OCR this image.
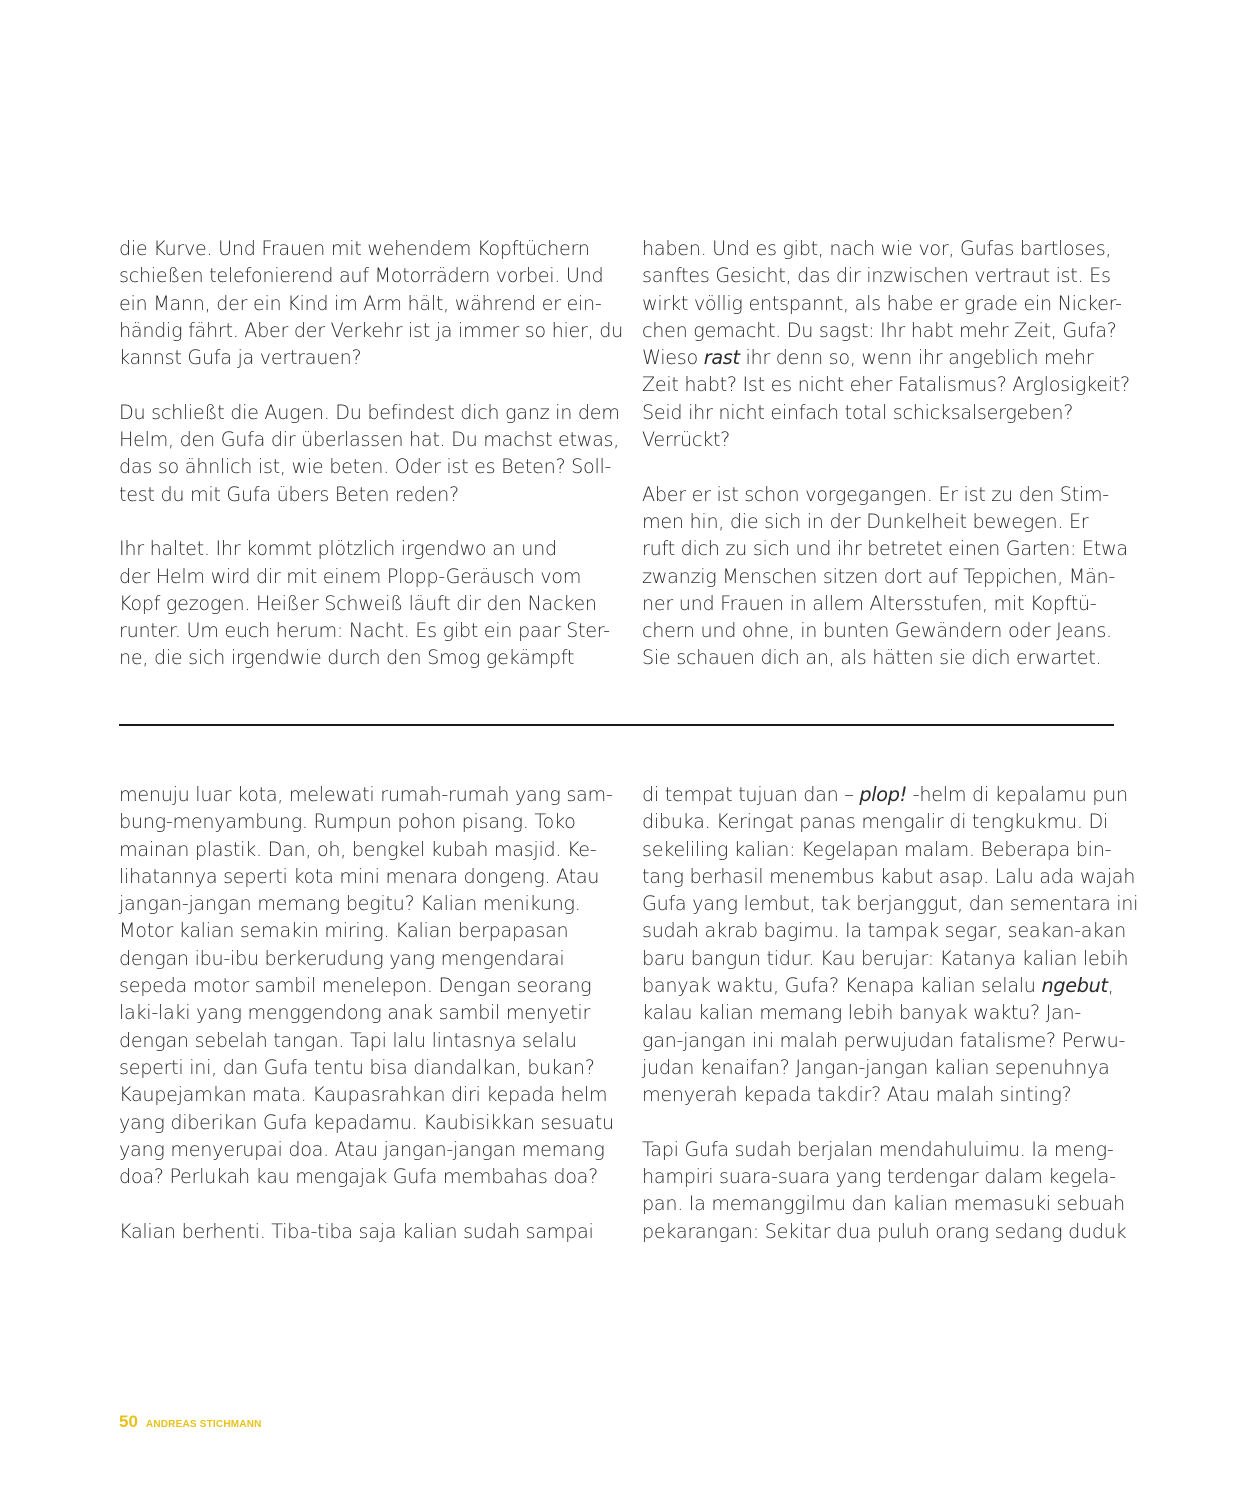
die Kurve. Und Frauen mit wehendem Kopftüchern
schießen telefonierend auf Motorrädern vorbei. Und
ein Mann, der ein Kind im Arm hält, während er ein-
händig fährt. Aber der Verkehr ist ja immer so hier, du
kannst Gufa ja vertrauen?

Du schließt die Augen. Du befindest dich ganz in dem
Helm, den Gufa dir überlassen hat. Du machst etwas,
das so ähnlich ist, wie beten. Oder ist es Beten? Soll-
test du mit Gufa übers Beten reden?

Ihr haltet. Ihr kommt plötzlich irgendwo an und
der Helm wird dir mit einem Plopp-Geräusch vom
Kopf gezogen. Heißer Schweiß läuft dir den Nacken
runter. Um euch herum: Nacht. Es gibt ein paar Ster-
ne, die sich irgendwie durch den Smog gekämpft

haben. Und es gibt, nach wie vor, Gufas bartloses,
sanftes Gesicht, das dir inzwischen vertraut ist. Es
wirkt völlig entspannt, als habe er grade ein Nicker-
chen gemacht. Du sagst: Ihr habt mehr Zeit, Gufa?
Wieso rast ihr denn so, wenn ihr angeblich mehr
Zeit habt? Ist es nicht eher Fatalismus? Arglosigkeit?
Seid ihr nicht einfach total schicksalsergeben?
Verrückt?

Aber er ist schon vorgegangen. Er ist zu den Stim-
men hin, die sich in der Dunkelheit bewegen. Er
ruft dich zu sich und ihr betretet einen Garten: Etwa
zwanzig Menschen sitzen dort auf Teppichen, Män-
ner und Frauen in allem Altersstufen, mit Kopftü-
chern und ohne, in bunten Gewändern oder Jeans.
Sie schauen dich an, als hätten sie dich erwartet.

menuju luar kota, melewati rumah-rumah yang sam-
bung-menyambung. Rumpun pohon pisang. Toko
mainan plastik. Dan, oh, bengkel kubah masjid. Ke-
lihatannya seperti kota mini menara dongeng. Atau
jangan-jangan memang begitu? Kalian menikung.
Motor kalian semakin miring. Kalian berpapasan
dengan ibu-ibu berkerudung yang mengendarai
sepeda motor sambil menelepon. Dengan seorang
laki-laki yang menggendong anak sambil menyetir
dengan sebelah tangan. Tapi lalu lintasnya selalu
seperti ini, dan Gufa tentu bisa diandalkan, bukan?
Kaupejamkan mata. Kaupasrahkan diri kepada helm
yang diberikan Gufa kepadamu. Kaubisikkan sesuatu
yang menyerupai doa. Atau jangan-jangan memang
doa? Perlukah kau mengajak Gufa membahas doa?

Kalian berhenti. Tiba-tiba saja kalian sudah sampai

di tempat tujuan dan – plop! -helm di kepalamu pun
dibuka. Keringat panas mengalir di tengkukmu. Di
sekeliling kalian: Kegelapan malam. Beberapa bin-
tang berhasil menembus kabut asap. Lalu ada wajah
Gufa yang lembut, tak berjanggut, dan sementara ini
sudah akrab bagimu. Ia tampak segar, seakan-akan
baru bangun tidur. Kau berujar: Katanya kalian lebih
banyak waktu, Gufa? Kenapa kalian selalu ngebut,
kalau kalian memang lebih banyak waktu? Jan-
gan-jangan ini malah perwujudan fatalisme? Perwu-
judan kenaifan? Jangan-jangan kalian sepenuhnya
menyerah kepada takdir? Atau malah sinting?

Tapi Gufa sudah berjalan mendahuluimu. Ia meng-
hampiri suara-suara yang terdengar dalam kegela-
pan. Ia memanggilmu dan kalian memasuki sebuah
pekarangan: Sekitar dua puluh orang sedang duduk

50 ANDREAS STICHMANN
